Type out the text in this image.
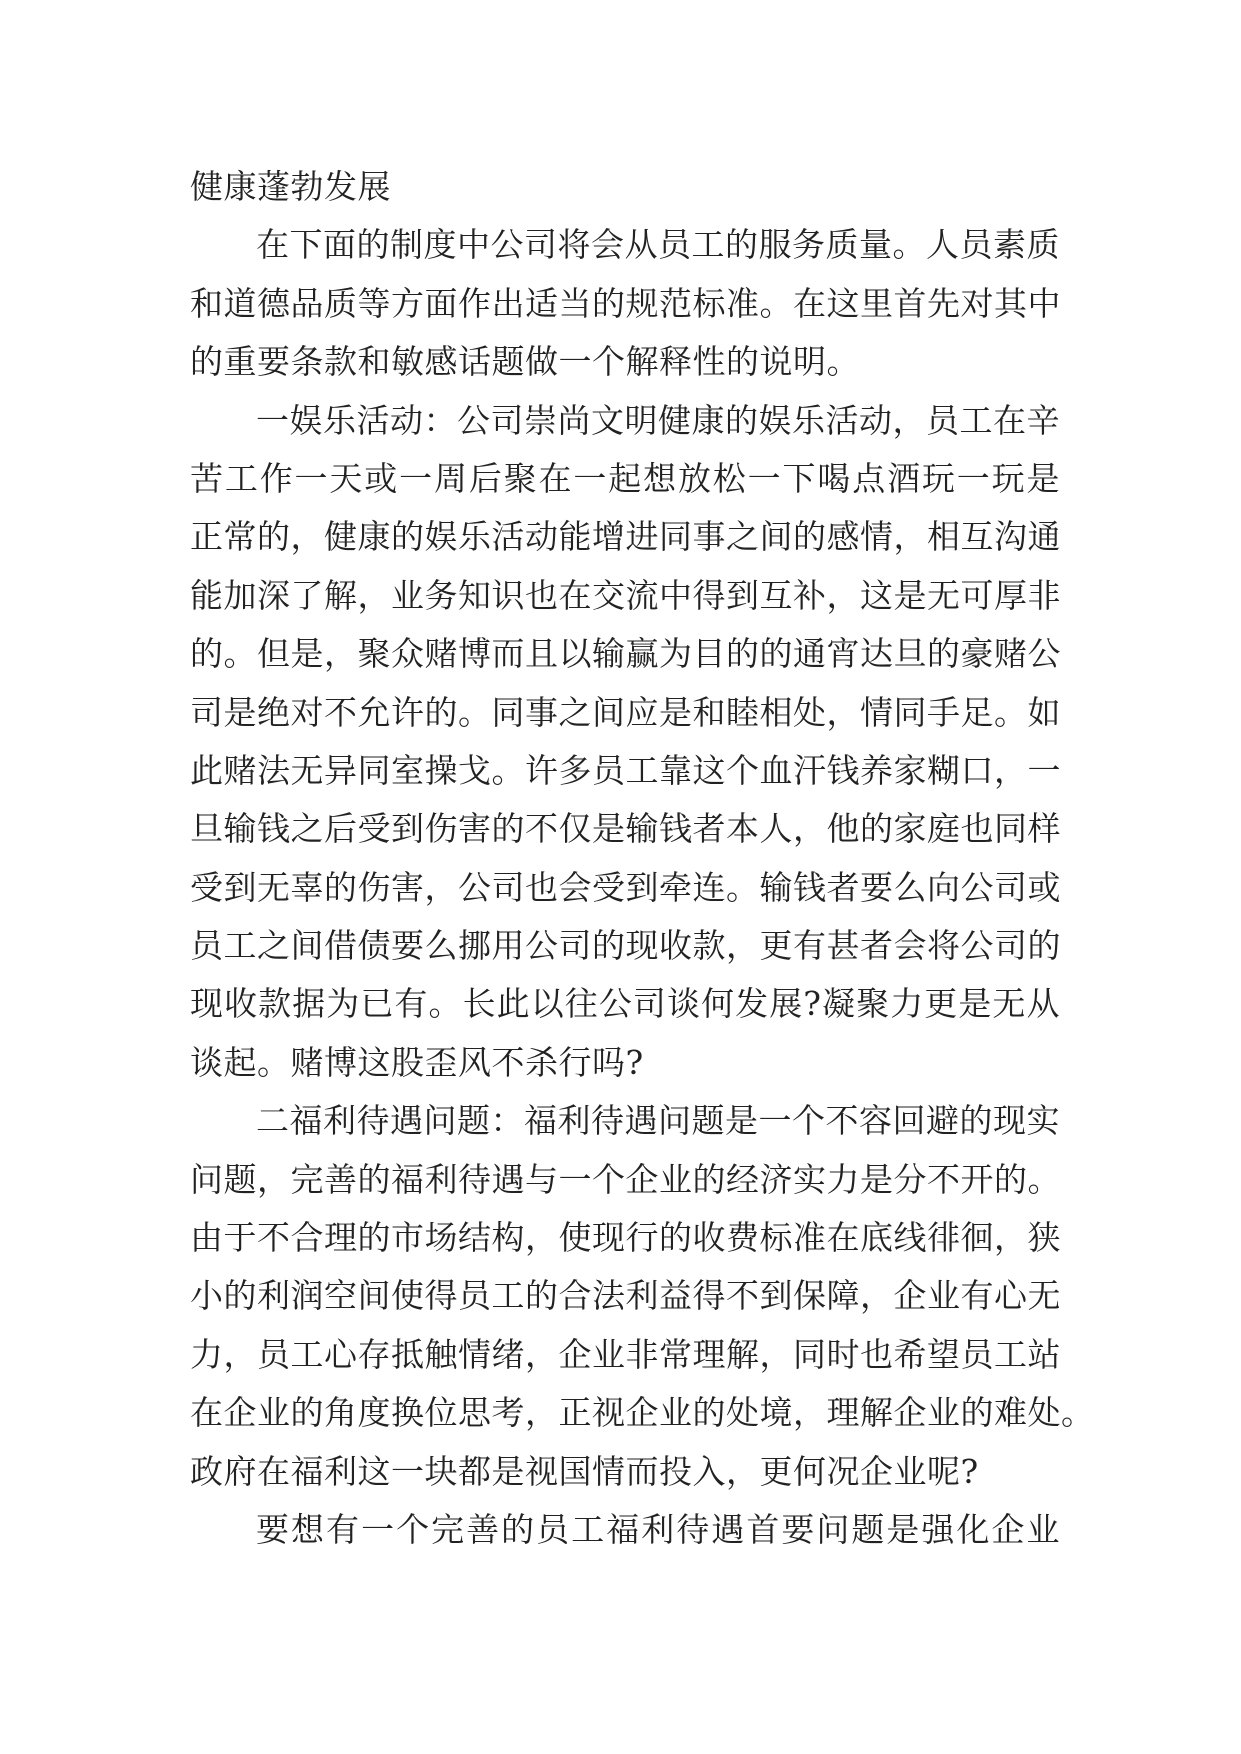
健康蓬勃发展
在下面的制度中公司将会从员工的服务质量。人员素质
和道德品质等方面作出适当的规范标准。在这里首先对其中
的重要条款和敏感话题做一个解释性的说明。
一娱乐活动：公司崇尚文明健康的娱乐活动，员工在辛
苦工作一天或一周后聚在一起想放松一下喝点酒玩一玩是
正常的，健康的娱乐活动能增进同事之间的感情，相互沟通
能加深了解，业务知识也在交流中得到互补，这是无可厚非
的。但是，聚众赌博而且以输赢为目的的通宵达旦的豪赌公
司是绝对不允许的。同事之间应是和睦相处，情同手足。如
此赌法无异同室操戈。许多员工靠这个血汗钱养家糊口，一
旦输钱之后受到伤害的不仅是输钱者本人，他的家庭也同样
受到无辜的伤害，公司也会受到牵连。输钱者要么向公司或
员工之间借债要么挪用公司的现收款，更有甚者会将公司的
现收款据为已有。长此以往公司谈何发展?凝聚力更是无从
谈起。赌博这股歪风不杀行吗?
二福利待遇问题：福利待遇问题是一个不容回避的现实
问题，完善的福利待遇与一个企业的经济实力是分不开的。
由于不合理的市场结构，使现行的收费标准在底线徘徊，狭
小的利润空间使得员工的合法利益得不到保障，企业有心无
力，员工心存抵触情绪，企业非常理解，同时也希望员工站
在企业的角度换位思考，正视企业的处境，理解企业的难处。
政府在福利这一块都是视国情而投入，更何况企业呢?
要想有一个完善的员工福利待遇首要问题是强化企业
